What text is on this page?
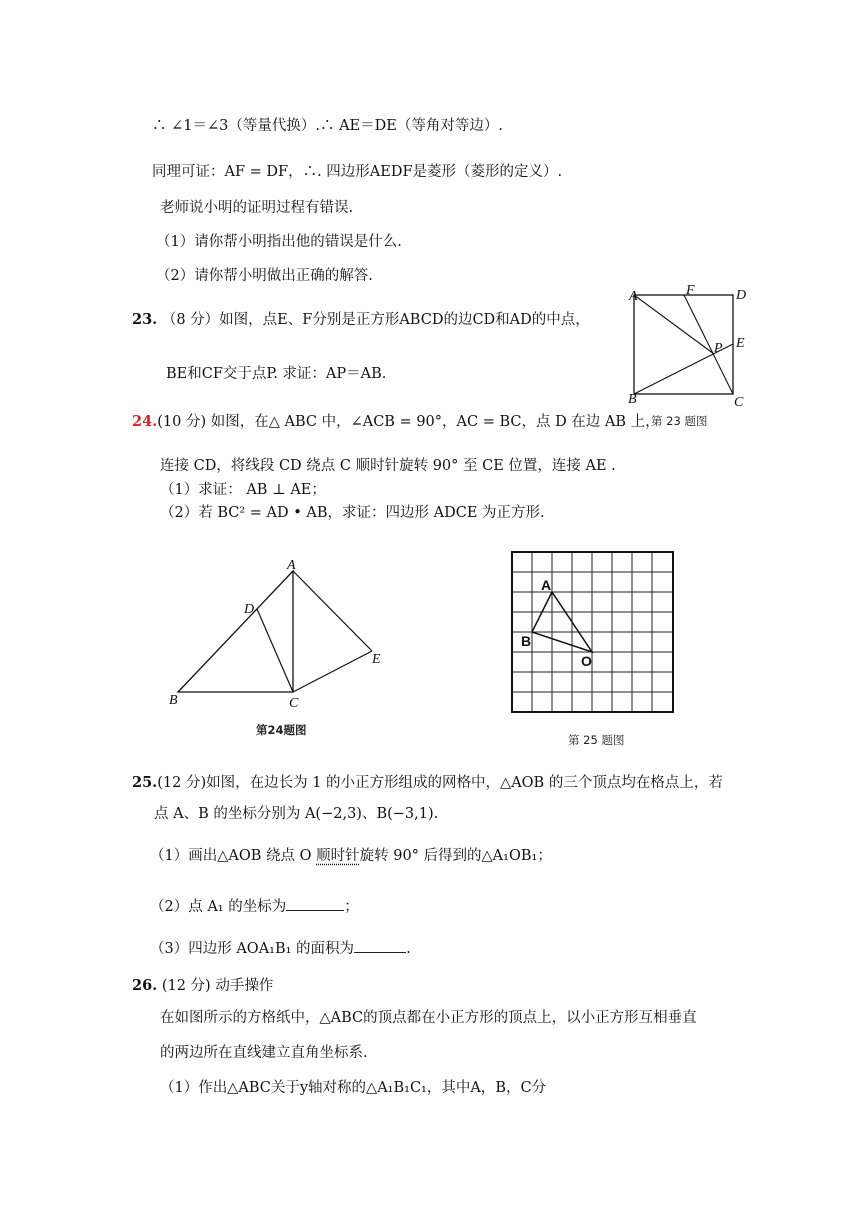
∴ ∠1＝∠3（等量代换）.∴ AE＝DE（等角对等边）.
同理可证：AF = DF，∴. 四边形AEDF是菱形（菱形的定义）.
老师说小明的证明过程有错误.
（1）请你帮小明指出他的错误是什么.
（2）请你帮小明做出正确的解答.
23. （8 分）如图，点E、F分别是正方形ABCD的边CD和AD的中点，
BE和CF交于点P. 求证：AP＝AB.
A	F	D
P E
B	C
第 23 题图
24.(10 分) 如图，在△ ABC 中，∠ACB = 90°，AC = BC，点 D 在边 AB 上，
连接 CD，将线段 CD 绕点 C 顺时针旋转 90° 至 CE 位置，连接 AE .
（1）求证： AB ⊥ AE；
（2）若 BC² = AD • AB，求证：四边形 ADCE 为正方形.
A
D
E
B	C
第24题图
A
B
O
第 25 题图
25.(12 分)如图，在边长为 1 的小正方形组成的网格中，△AOB 的三个顶点均在格点上，若
点 A、B 的坐标分别为 A(−2,3)、B(−3,1).
（1）画出△AOB 绕点 O 顺时针旋转 90° 后得到的△A₁OB₁；
（2）点 A₁ 的坐标为	；
（3）四边形 AOA₁B₁ 的面积为	.
26. (12 分) 动手操作
在如图所示的方格纸中，△ABC的顶点都在小正方形的顶点上，以小正方形互相垂直
的两边所在直线建立直角坐标系.
（1）作出△ABC关于y轴对称的△A₁B₁C₁，其中A，B，C分
